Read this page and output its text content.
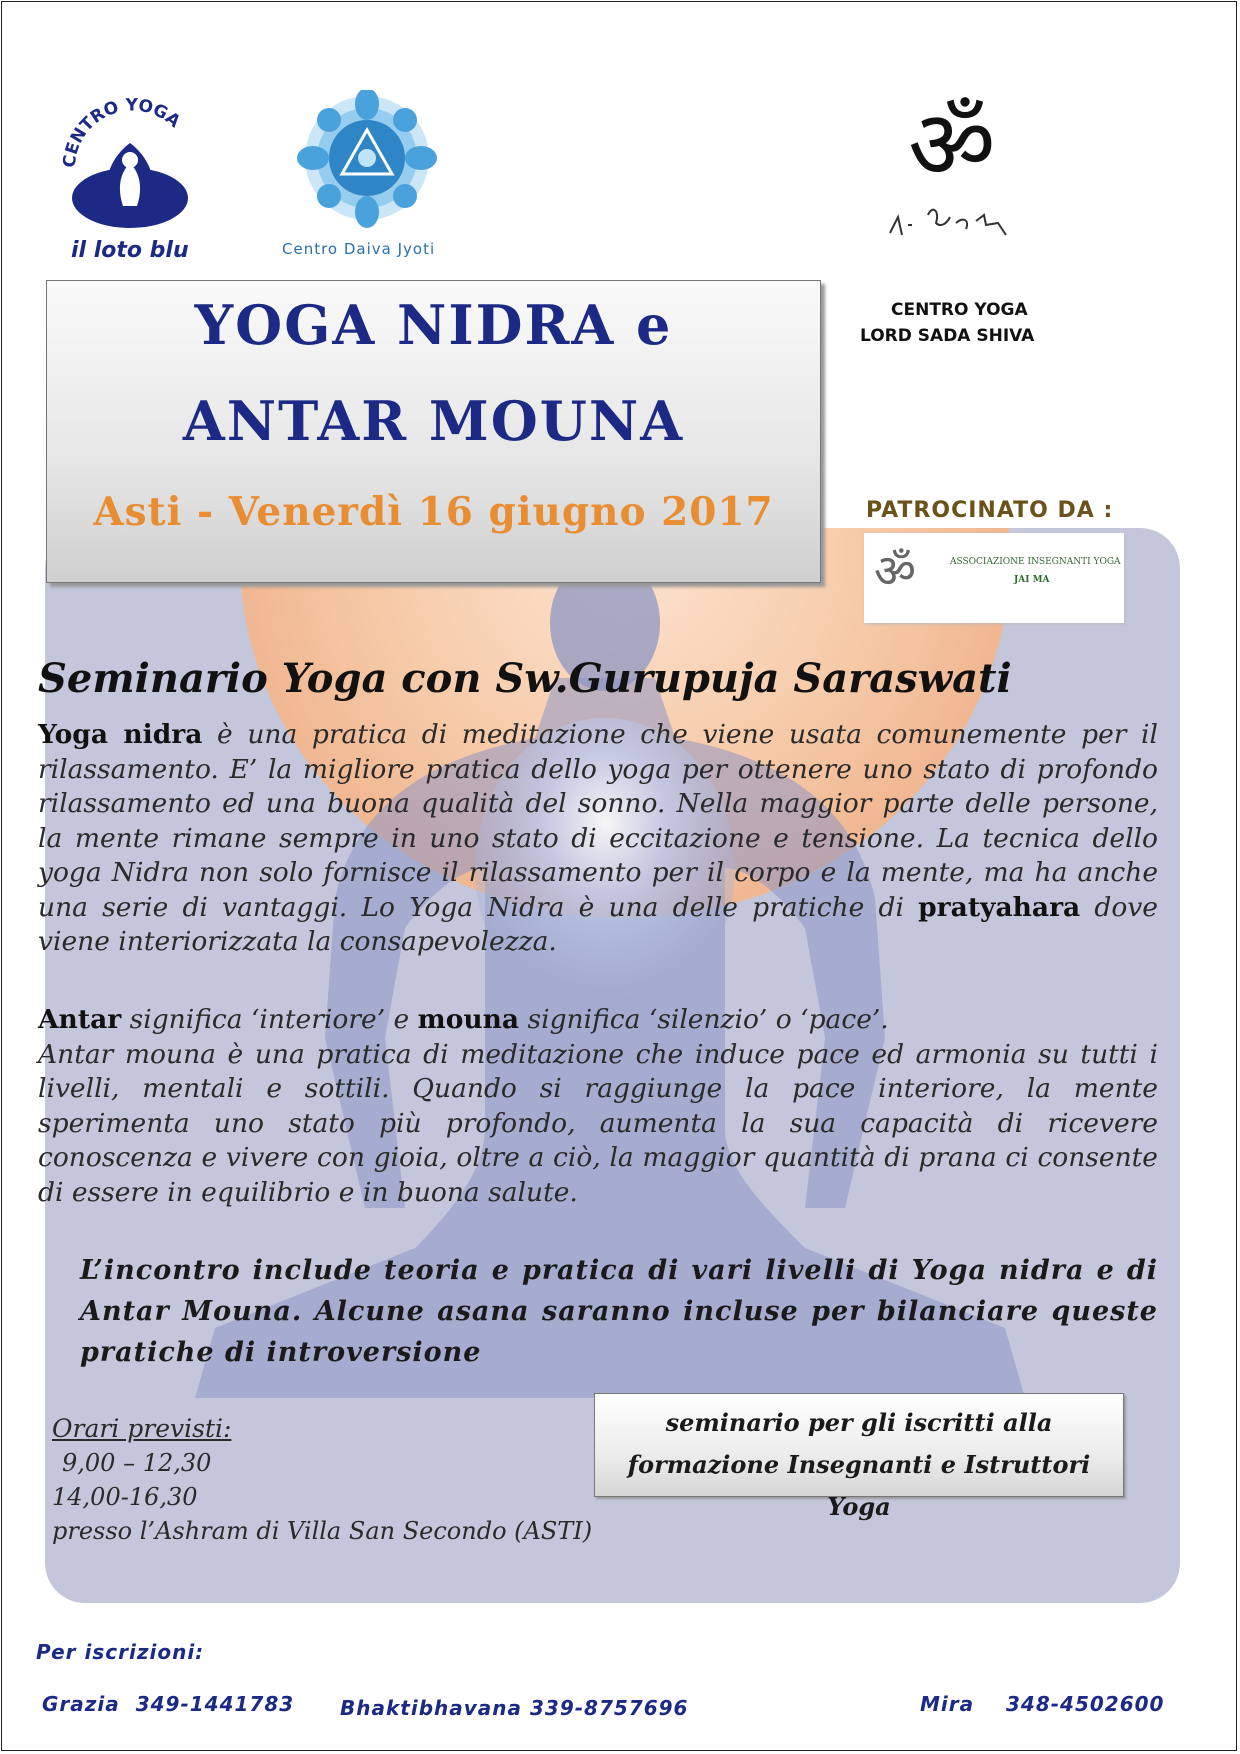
CENTRO YOGA
il loto blu	Centro Daiva Jyoti
ॐ
CENTRO YOGA
LORD SADA SHIVA
YOGA NIDRA e
ANTAR MOUNA
Asti - Venerdì 16 giugno 2017	PATROCINATO DA :
ॐ	ASSOCIAZIONE INSEGNANTI YOGA
JAI MA
Seminario Yoga con Sw.Gurupuja Saraswati
Yoga nidra è una pratica di meditazione che viene usata comunemente per il rilassamento. E’ la migliore pratica dello yoga per ottenere uno stato di profondo rilassamento ed una buona qualità del sonno. Nella maggior parte delle persone, la mente rimane sempre in uno stato di eccitazione e tensione. La tecnica dello yoga Nidra non solo fornisce il rilassamento per il corpo e la mente, ma ha anche una serie di vantaggi. Lo Yoga Nidra è una delle pratiche di pratyahara dove viene interiorizzata la consapevolezza.
Antar significa ‘interiore’ e mouna significa ‘silenzio’ o ‘pace’.
Antar mouna è una pratica di meditazione che induce pace ed armonia su tutti i livelli, mentali e sottili. Quando si raggiunge la pace interiore, la mente sperimenta uno stato più profondo, aumenta la sua capacità di ricevere conoscenza e vivere con gioia, oltre a ciò, la maggior quantità di prana ci consente di essere in equilibrio e in buona salute.
L’incontro include teoria e pratica di vari livelli di Yoga nidra e di Antar Mouna. Alcune asana saranno incluse per bilanciare queste pratiche di introversione
Orari previsti:
9,00 – 12,30
14,00-16,30
presso l’Ashram di Villa San Secondo (ASTI)
seminario per gli iscritti alla
formazione Insegnanti e Istruttori Yoga
Per iscrizioni:
Grazia 349-1441783 Bhaktibhavana 339-8757696	Mira 348-4502600
